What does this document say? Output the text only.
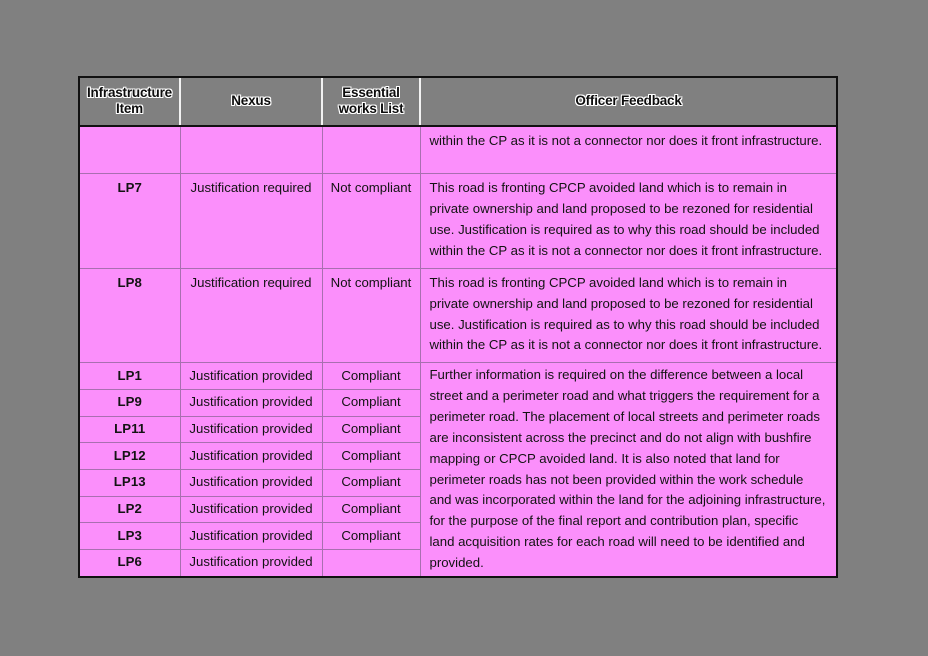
Infrastructure Item	Nexus	Essential works List	Officer Feedback
			within the CP as it is not a connector nor does it front infrastructure.
LP7	Justification required	Not compliant	This road is fronting CPCP avoided land which is to remain in private ownership and land proposed to be rezoned for residential use. Justification is required as to why this road should be included within the CP as it is not a connector nor does it front infrastructure.
LP8	Justification required	Not compliant	This road is fronting CPCP avoided land which is to remain in private ownership and land proposed to be rezoned for residential use. Justification is required as to why this road should be included within the CP as it is not a connector nor does it front infrastructure.
LP1	Justification provided	Compliant	Further information is required on the difference between a local street and a perimeter road and what triggers the requirement for a perimeter road. The placement of local streets and perimeter roads are inconsistent across the precinct and do not align with bushfire mapping or CPCP avoided land. It is also noted that land for perimeter roads has not been provided within the work schedule and was incorporated within the land for the adjoining infrastructure, for the purpose of the final report and contribution plan, specific land acquisition rates for each road will need to be identified and provided.
LP9	Justification provided	Compliant	
LP11	Justification provided	Compliant	
LP12	Justification provided	Compliant	
LP13	Justification provided	Compliant	
LP2	Justification provided	Compliant	
LP3	Justification provided	Compliant	
LP6	Justification provided		
